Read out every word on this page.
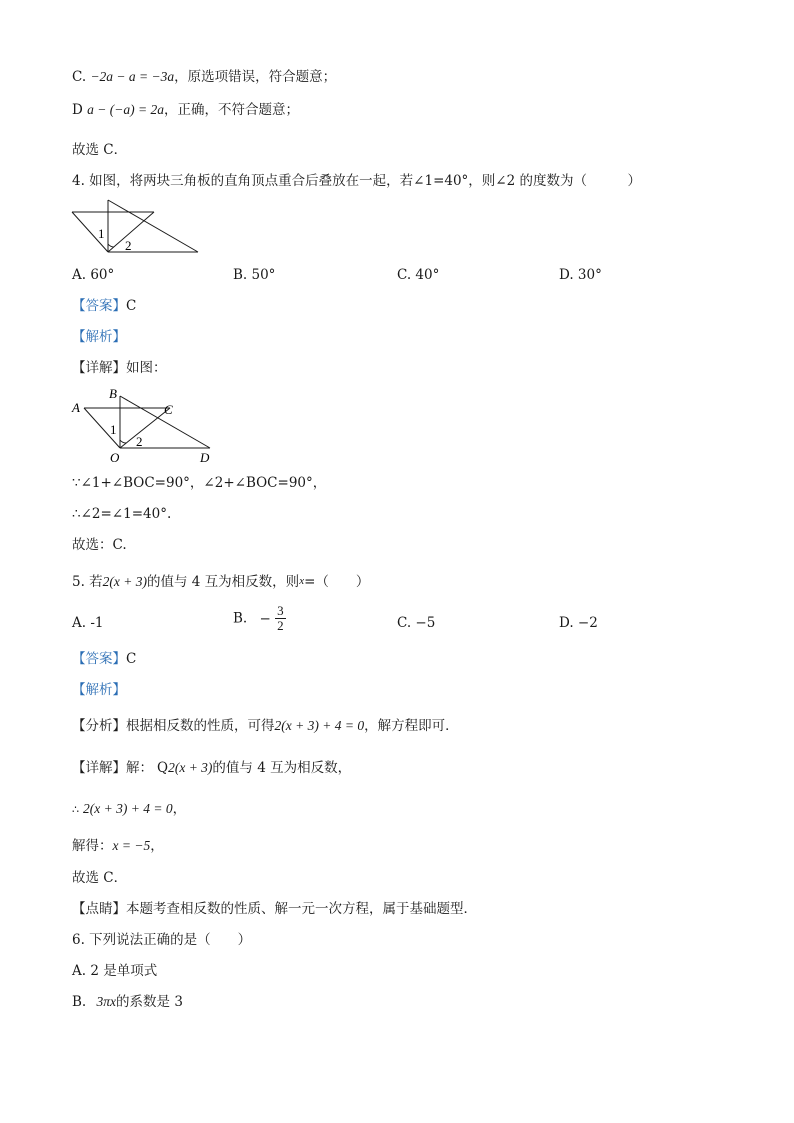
C. −2a − a = −3a，原选项错误，符合题意；
D a − (−a) = 2a，正确，不符合题意；
故选 C．
4. 如图，将两块三角板的直角顶点重合后叠放在一起，若∠1=40°，则∠2 的度数为（　　　）
1
2
A. 60°	B. 50°	C. 40°	D. 30°
【答案】C
【解析】
【详解】如图：
A
B
C
O	D
1
2
∵∠1+∠BOC=90°，∠2+∠BOC=90°，
∴∠2=∠1=40°.
故选：C.
5. 若2(x + 3)的值与 4 互为相反数，则x=（　　）
A. -1	B. − $\frac{3}{2}$	C. −5	D. −2
【答案】C
【解析】
【分析】根据相反数的性质，可得2(x + 3) + 4 = 0，解方程即可．
【详解】解： Q2(x + 3)的值与 4 互为相反数，
∴ 2(x + 3) + 4 = 0，
解得：x = −5，
故选 C．
【点睛】本题考查相反数的性质、解一元一次方程，属于基础题型．
6. 下列说法正确的是（　　）
A. 2 是单项式
B. 3πx的系数是 3
